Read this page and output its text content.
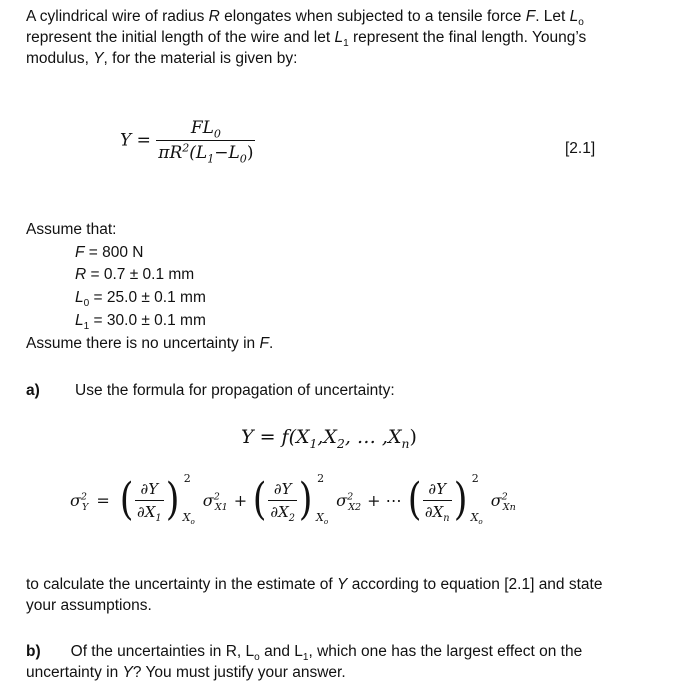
A cylindrical wire of radius R elongates when subjected to a tensile force F. Let $L_o$
represent the initial length of the wire and let $L_1$ represent the final length. Young’s
modulus, Y, for the material is given by:
$Y = \frac{FL_0}{\pi R^2(L_1-L_0)}$	[2.1]
Assume that:
F = 800 N
R = 0.7 ± 0.1 mm
$L_0 = 25.0 \pm 0.1$ mm
$L_1 = 30.0 \pm 0.1$ mm
Assume there is no uncertainty in F.
a) Use the formula for propagation of uncertainty:
$Y = f(X_1,X_2$, … $,X_n$)
$\sigma^2_Y$ = ( $\frac{\partial Y}{\partial X_1}$ ) 2
$X_o$
$\sigma^2_{X1}$ + ( $\frac{\partial Y}{\partial X_2}$ ) 2
$X_o$
$\sigma^2_{X2}$ + ⋯ ( $\frac{\partial Y}{\partial X_n}$ ) 2
$X_o$
$\sigma^2_{Xn}$
to calculate the uncertainty in the estimate of Y according to equation [2.1] and state
your assumptions.
b) Of the uncertainties in R, $L_o$ and $L_1$, which one has the largest effect on the
uncertainty in Y? You must justify your answer.
